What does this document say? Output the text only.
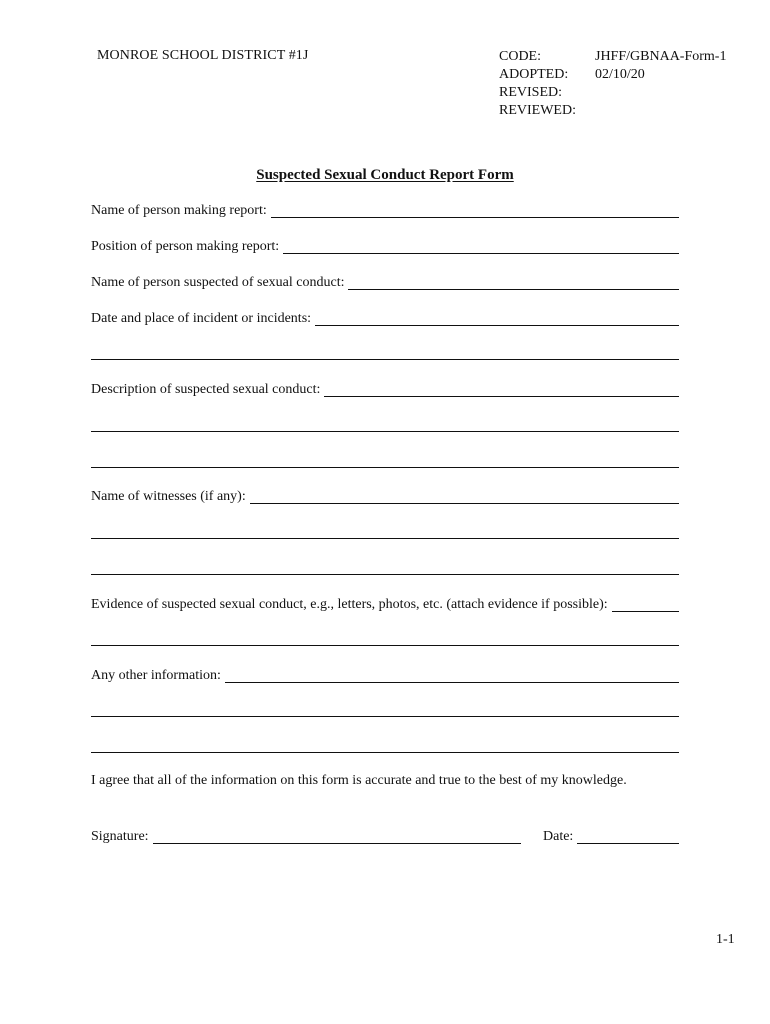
MONROE SCHOOL DISTRICT #1J	CODE:	JHFF/GBNAA-Form-1
ADOPTED:	02/10/20
REVISED:
REVIEWED:
Suspected Sexual Conduct Report Form
Name of person making report:
Position of person making report:
Name of person suspected of sexual conduct:
Date and place of incident or incidents:
Description of suspected sexual conduct:
Name of witnesses (if any):
Evidence of suspected sexual conduct, e.g., letters, photos, etc. (attach evidence if possible):
Any other information:
I agree that all of the information on this form is accurate and true to the best of my knowledge.
Signature:	Date:
1-1
